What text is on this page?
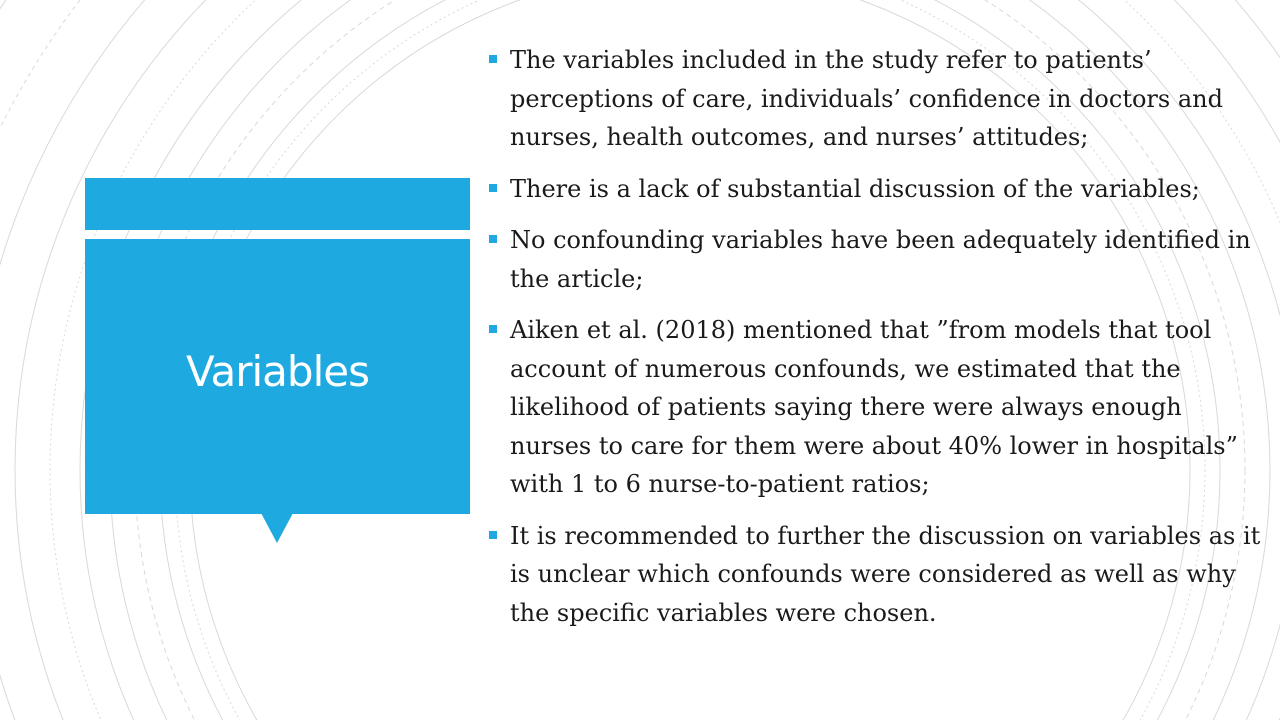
Variables
The variables included in the study refer to patients’ perceptions of care, individuals’ confidence in doctors and nurses, health outcomes, and nurses’ attitudes;
There is a lack of substantial discussion of the variables;
No confounding variables have been adequately identified in the article;
Aiken et al. (2018) mentioned that ”from models that tool account of numerous confounds, we estimated that the likelihood of patients saying there were always enough nurses to care for them were about 40% lower in hospitals” with 1 to 6 nurse-to-patient ratios;
It is recommended to further the discussion on variables as it is unclear which confounds were considered as well as why the specific variables were chosen.
